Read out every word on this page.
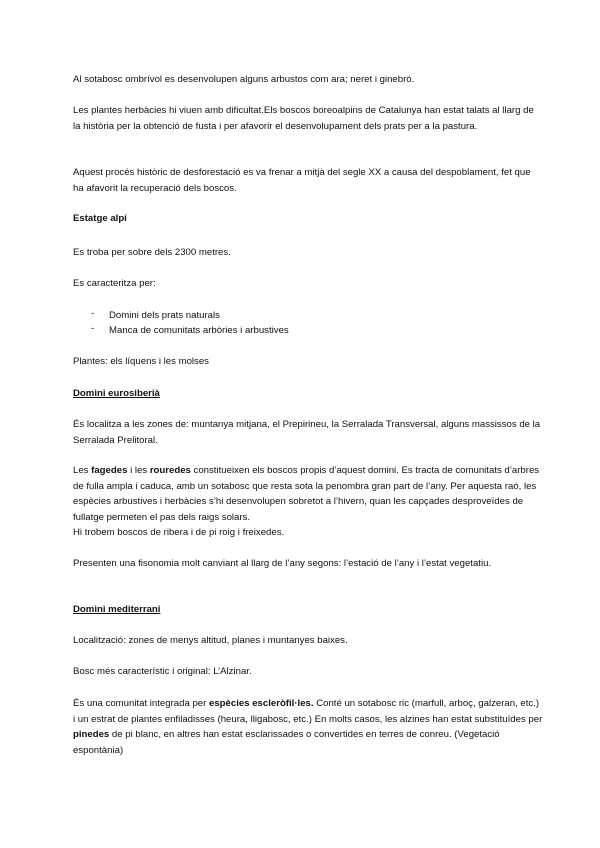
Al sotabosc ombrívol es desenvolupen alguns arbustos com ara; neret i ginebró.

Les plantes herbàcies hi viuen amb dificultat.Els boscos boreoalpins de Catalunya han estat talats al llarg de la història per la obtenció de fusta i per afavorir el desenvolupament dels prats per a la pastura.

Aquest procés històric de desforestació es va frenar a mitjà del segle XX a causa del despoblament, fet que ha afavorit la recuperació dels boscos.

Estatge alpí

Es troba per sobre dels 2300 metres.

Es caracteritza per:

- Domini dels prats naturals
- Manca de comunitats arbòries i arbustives

Plantes: els líquens i les molses

Domini eurosiberià

És localitza a les zones de: muntanya mitjana, el Prepirineu, la Serralada Transversal, alguns massissos de la Serralada Prelitoral.

Les fagedes i les rouredes constitueixen els boscos propis d’aquest domini. Es tracta de comunitats d’arbres de fulla ampla i caduca, amb un sotabosc que resta sota la penombra gran part de l’any. Per aquesta raó, les espècies arbustives i herbàcies s’hi desenvolupen sobretot a l’hivern, quan les capçades desproveïdes de fullatge permeten el pas dels raigs solars.

Hi trobem boscos de ribera i de pi roig i freixedes.

Presenten una fisonomia molt canviant al llarg de l’any segons: l’estació de l’any i l’estat vegetatiu.

Domini mediterrani

Localització: zones de menys altitud, planes i muntanyes baixes.

Bosc més característic i original: L’Alzinar.

És una comunitat integrada per espècies escleròfil·les. Conté un sotabosc ric (marfull, arboç, galzeran, etc.) i un estrat de plantes enfiladisses (heura, lligabosc, etc.) En molts casos, les alzines han estat substituïdes per pinedes de pi blanc, en altres han estat esclarissades o convertides en terres de conreu. (Vegetació espontània)
